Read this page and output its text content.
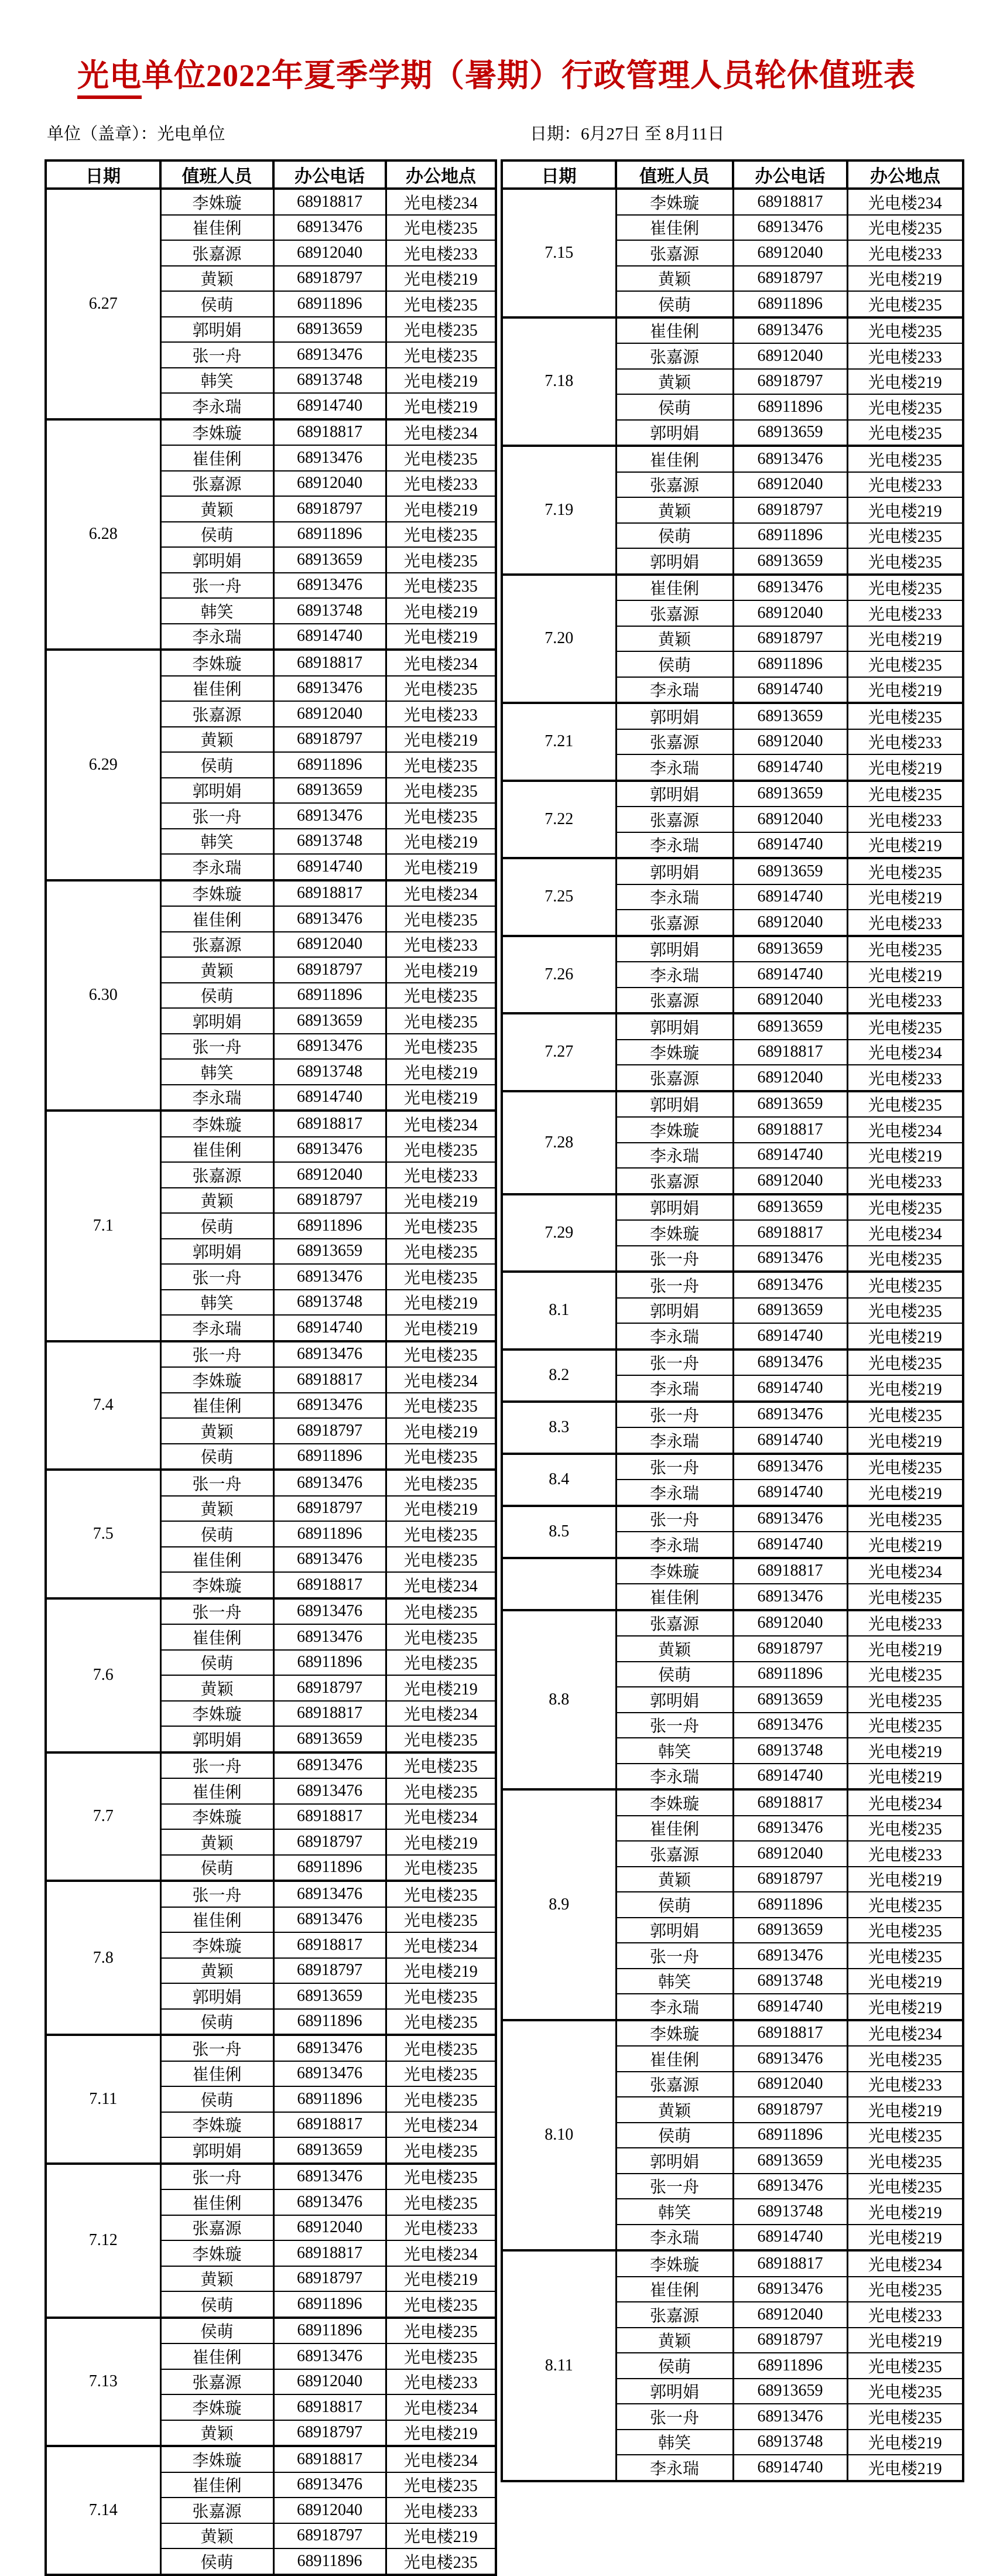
光电单位2022年夏季学期（暑期）行政管理人员轮休值班表
单位（盖章）：光电单位	日期：6月27日 至 8月11日
日期	值班人员	办公电话	办公地点
6.27	李姝璇	68918817	光电楼234
	崔佳俐	68913476	光电楼235
	张嘉源	68912040	光电楼233
	黄颖	68918797	光电楼219
	侯萌	68911896	光电楼235
	郭明娟	68913659	光电楼235
	张一舟	68913476	光电楼235
	韩笑	68913748	光电楼219
	李永瑞	68914740	光电楼219
6.28	李姝璇	68918817	光电楼234
	崔佳俐	68913476	光电楼235
	张嘉源	68912040	光电楼233
	黄颖	68918797	光电楼219
	侯萌	68911896	光电楼235
	郭明娟	68913659	光电楼235
	张一舟	68913476	光电楼235
	韩笑	68913748	光电楼219
	李永瑞	68914740	光电楼219
6.29	李姝璇	68918817	光电楼234
	崔佳俐	68913476	光电楼235
	张嘉源	68912040	光电楼233
	黄颖	68918797	光电楼219
	侯萌	68911896	光电楼235
	郭明娟	68913659	光电楼235
	张一舟	68913476	光电楼235
	韩笑	68913748	光电楼219
	李永瑞	68914740	光电楼219
6.30	李姝璇	68918817	光电楼234
	崔佳俐	68913476	光电楼235
	张嘉源	68912040	光电楼233
	黄颖	68918797	光电楼219
	侯萌	68911896	光电楼235
	郭明娟	68913659	光电楼235
	张一舟	68913476	光电楼235
	韩笑	68913748	光电楼219
	李永瑞	68914740	光电楼219
7.1	李姝璇	68918817	光电楼234
	崔佳俐	68913476	光电楼235
	张嘉源	68912040	光电楼233
	黄颖	68918797	光电楼219
	侯萌	68911896	光电楼235
	郭明娟	68913659	光电楼235
	张一舟	68913476	光电楼235
	韩笑	68913748	光电楼219
	李永瑞	68914740	光电楼219
7.4	张一舟	68913476	光电楼235
	李姝璇	68918817	光电楼234
	崔佳俐	68913476	光电楼235
	黄颖	68918797	光电楼219
	侯萌	68911896	光电楼235
7.5	张一舟	68913476	光电楼235
	黄颖	68918797	光电楼219
	侯萌	68911896	光电楼235
	崔佳俐	68913476	光电楼235
	李姝璇	68918817	光电楼234
7.6	张一舟	68913476	光电楼235
	崔佳俐	68913476	光电楼235
	侯萌	68911896	光电楼235
	黄颖	68918797	光电楼219
	李姝璇	68918817	光电楼234
	郭明娟	68913659	光电楼235
7.7	张一舟	68913476	光电楼235
	崔佳俐	68913476	光电楼235
	李姝璇	68918817	光电楼234
	黄颖	68918797	光电楼219
	侯萌	68911896	光电楼235
7.8	张一舟	68913476	光电楼235
	崔佳俐	68913476	光电楼235
	李姝璇	68918817	光电楼234
	黄颖	68918797	光电楼219
	郭明娟	68913659	光电楼235
	侯萌	68911896	光电楼235
7.11	张一舟	68913476	光电楼235
	崔佳俐	68913476	光电楼235
	侯萌	68911896	光电楼235
	李姝璇	68918817	光电楼234
	郭明娟	68913659	光电楼235
7.12	张一舟	68913476	光电楼235
	崔佳俐	68913476	光电楼235
	张嘉源	68912040	光电楼233
	李姝璇	68918817	光电楼234
	黄颖	68918797	光电楼219
	侯萌	68911896	光电楼235
7.13	侯萌	68911896	光电楼235
	崔佳俐	68913476	光电楼235
	张嘉源	68912040	光电楼233
	李姝璇	68918817	光电楼234
	黄颖	68918797	光电楼219
7.14	李姝璇	68918817	光电楼234
	崔佳俐	68913476	光电楼235
	张嘉源	68912040	光电楼233
	黄颖	68918797	光电楼219
	侯萌	68911896	光电楼235
日期	值班人员	办公电话	办公地点
7.15	李姝璇	68918817	光电楼234
	崔佳俐	68913476	光电楼235
	张嘉源	68912040	光电楼233
	黄颖	68918797	光电楼219
	侯萌	68911896	光电楼235
7.18	崔佳俐	68913476	光电楼235
	张嘉源	68912040	光电楼233
	黄颖	68918797	光电楼219
	侯萌	68911896	光电楼235
	郭明娟	68913659	光电楼235
7.19	崔佳俐	68913476	光电楼235
	张嘉源	68912040	光电楼233
	黄颖	68918797	光电楼219
	侯萌	68911896	光电楼235
	郭明娟	68913659	光电楼235
7.20	崔佳俐	68913476	光电楼235
	张嘉源	68912040	光电楼233
	黄颖	68918797	光电楼219
	侯萌	68911896	光电楼235
	李永瑞	68914740	光电楼219
7.21	郭明娟	68913659	光电楼235
	张嘉源	68912040	光电楼233
	李永瑞	68914740	光电楼219
7.22	郭明娟	68913659	光电楼235
	张嘉源	68912040	光电楼233
	李永瑞	68914740	光电楼219
7.25	郭明娟	68913659	光电楼235
	李永瑞	68914740	光电楼219
	张嘉源	68912040	光电楼233
7.26	郭明娟	68913659	光电楼235
	李永瑞	68914740	光电楼219
	张嘉源	68912040	光电楼233
7.27	郭明娟	68913659	光电楼235
	李姝璇	68918817	光电楼234
	张嘉源	68912040	光电楼233
7.28	郭明娟	68913659	光电楼235
	李姝璇	68918817	光电楼234
	李永瑞	68914740	光电楼219
	张嘉源	68912040	光电楼233
7.29	郭明娟	68913659	光电楼235
	李姝璇	68918817	光电楼234
	张一舟	68913476	光电楼235
8.1	张一舟	68913476	光电楼235
	郭明娟	68913659	光电楼235
	李永瑞	68914740	光电楼219
8.2	张一舟	68913476	光电楼235
	李永瑞	68914740	光电楼219
8.3	张一舟	68913476	光电楼235
	李永瑞	68914740	光电楼219
8.4	张一舟	68913476	光电楼235
	李永瑞	68914740	光电楼219
8.5	张一舟	68913476	光电楼235
	李永瑞	68914740	光电楼219
	李姝璇	68918817	光电楼234
	崔佳俐	68913476	光电楼235
8.8	张嘉源	68912040	光电楼233
	黄颖	68918797	光电楼219
	侯萌	68911896	光电楼235
	郭明娟	68913659	光电楼235
	张一舟	68913476	光电楼235
	韩笑	68913748	光电楼219
	李永瑞	68914740	光电楼219
8.9	李姝璇	68918817	光电楼234
	崔佳俐	68913476	光电楼235
	张嘉源	68912040	光电楼233
	黄颖	68918797	光电楼219
	侯萌	68911896	光电楼235
	郭明娟	68913659	光电楼235
	张一舟	68913476	光电楼235
	韩笑	68913748	光电楼219
	李永瑞	68914740	光电楼219
8.10	李姝璇	68918817	光电楼234
	崔佳俐	68913476	光电楼235
	张嘉源	68912040	光电楼233
	黄颖	68918797	光电楼219
	侯萌	68911896	光电楼235
	郭明娟	68913659	光电楼235
	张一舟	68913476	光电楼235
	韩笑	68913748	光电楼219
	李永瑞	68914740	光电楼219
8.11	李姝璇	68918817	光电楼234
	崔佳俐	68913476	光电楼235
	张嘉源	68912040	光电楼233
	黄颖	68918797	光电楼219
	侯萌	68911896	光电楼235
	郭明娟	68913659	光电楼235
	张一舟	68913476	光电楼235
	韩笑	68913748	光电楼219
	李永瑞	68914740	光电楼219
